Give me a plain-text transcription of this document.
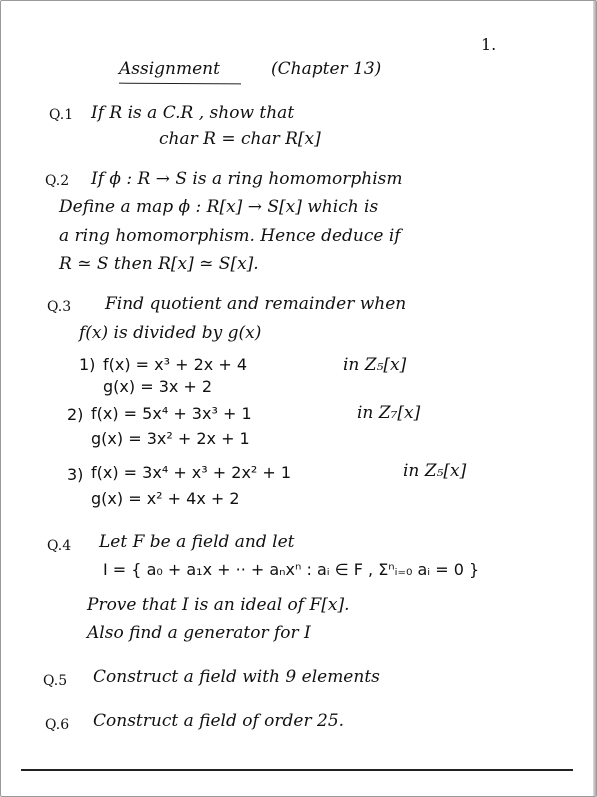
1.
Assignment	(Chapter 13)
Q.1 If R is a C.R , show that
char R = char R[x]
Q.2 If ϕ : R → S is a ring homomorphism
Define a map ϕ : R[x] → S[x] which is
a ring homomorphism. Hence deduce if
R ≃ S then R[x] ≃ S[x].
Q.3 Find quotient and remainder when
f(x) is divided by g(x)
1) f(x) = x³ + 2x + 4
g(x) = 3x + 2
in Z₅[x]
2) f(x) = 5x⁴ + 3x³ + 1
g(x) = 3x² + 2x + 1
in Z₇[x]
3) f(x) = 3x⁴ + x³ + 2x² + 1
g(x) = x² + 4x + 2
in Z₅[x]
Q.4 Let F be a field and let
I = { a₀ + a₁x + ·· + aₙxⁿ : aᵢ ∈ F , Σⁿᵢ₌₀ aᵢ = 0 }
Prove that I is an ideal of F[x].
Also find a generator for I
Q.5 Construct a field with 9 elements
Q.6 Construct a field of order 25.
